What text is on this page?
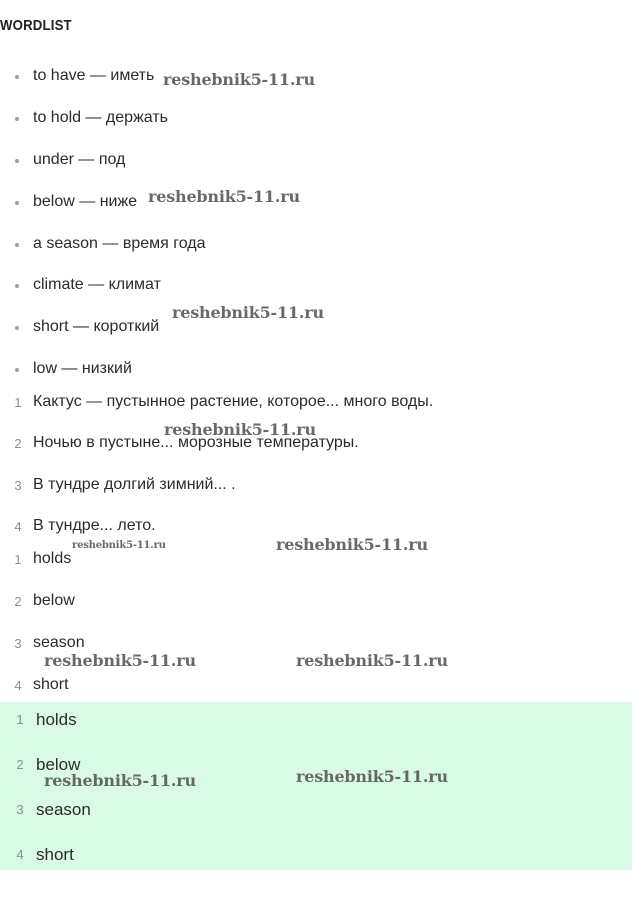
WORDLIST
to have — иметь
to hold — держать
under — под
below — ниже
a season — время года
climate — климат
short — короткий
low — низкий
1 Кактус — пустынное растение, которое... много воды.
2 Ночью в пустыне... морозные температуры.
3 В тундре долгий зимний... .
4 В тундре... лето.
1 holds
2 below
3 season
4 short
1 holds
2 below
3 season
4 short
reshebnik5-11.ru
reshebnik5-11.ru
reshebnik5-11.ru
reshebnik5-11.ru
reshebnik5-11.ru	reshebnik5-11.ru
reshebnik5-11.ru	reshebnik5-11.ru
reshebnik5-11.ru	reshebnik5-11.ru
